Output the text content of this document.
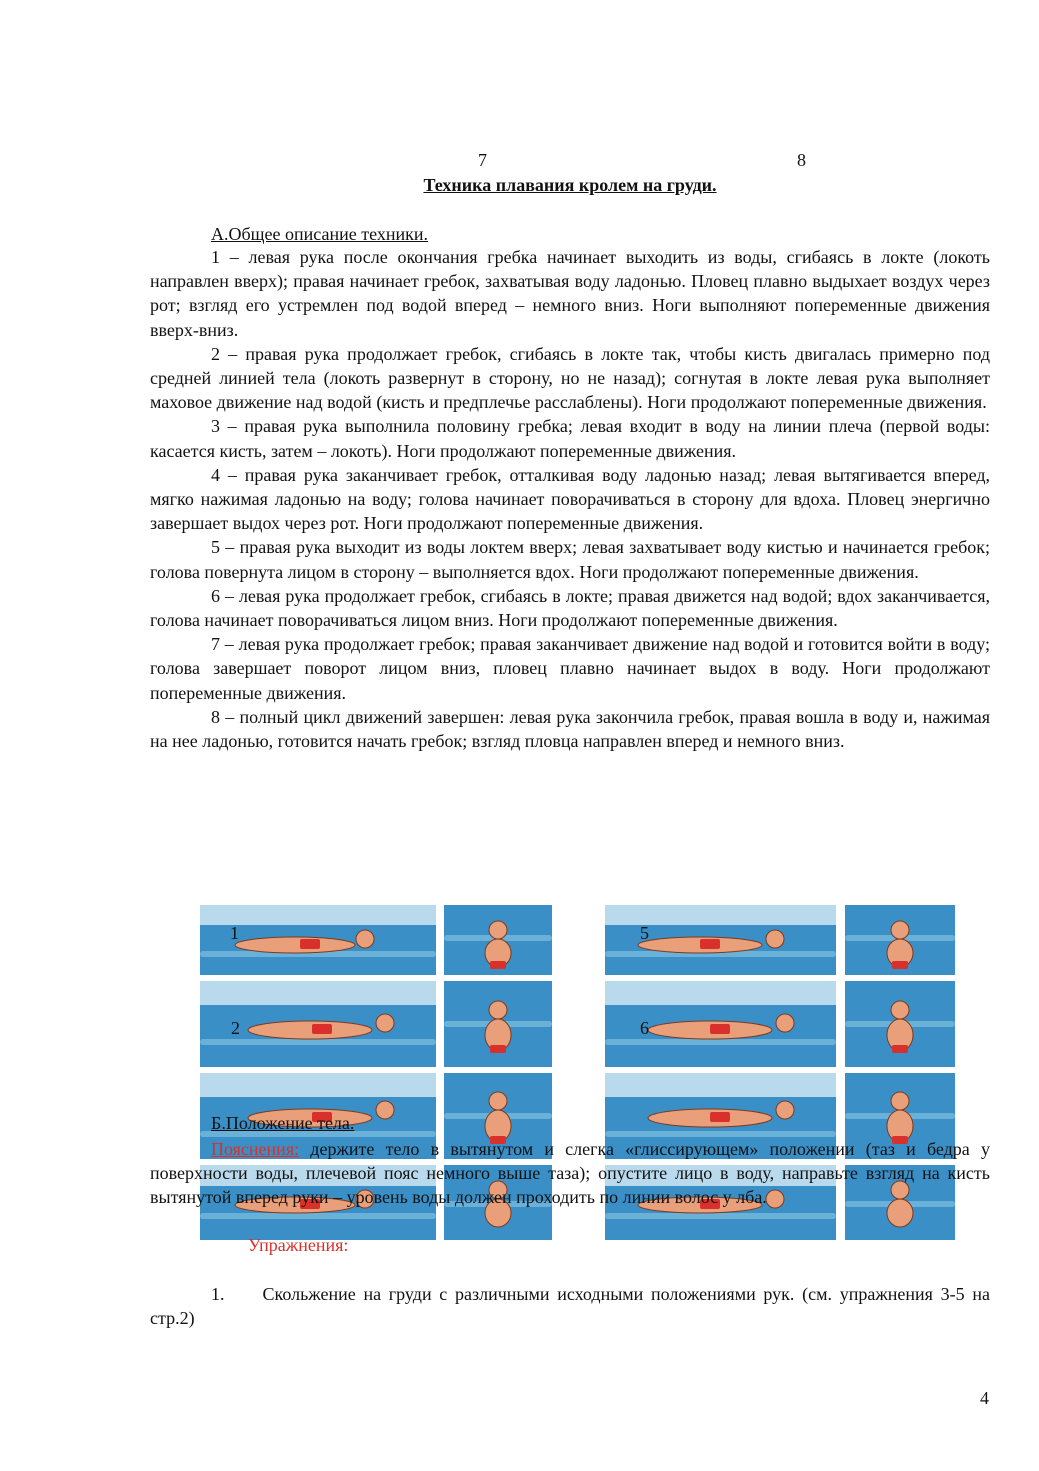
7	8
Техника плавания кролем на груди.
А.Общее описание техники.

1 – левая рука после окончания гребка начинает выходить из воды, сгибаясь в локте (локоть направлен вверх); правая начинает гребок, захватывая воду ладонью. Пловец плавно выдыхает воздух через рот; взгляд его устремлен под водой вперед – немного вниз. Ноги выполняют попеременные движения вверх-вниз.

2 – правая рука продолжает гребок, сгибаясь в локте так, чтобы кисть двигалась примерно под средней линией тела (локоть развернут в сторону, но не назад); согнутая в локте левая рука выполняет маховое движение над водой (кисть и предплечье расслаблены). Ноги продолжают попеременные движения.

3 – правая рука выполнила половину гребка; левая входит в воду на линии плеча (первой воды: касается кисть, затем – локоть). Ноги продолжают попеременные движения.

4 – правая рука заканчивает гребок, отталкивая воду ладонью назад; левая вытягивается вперед, мягко нажимая ладонью на воду; голова начинает поворачиваться в сторону для вдоха. Пловец энергично завершает выдох через рот. Ноги продолжают попеременные движения.

5 – правая рука выходит из воды локтем вверх; левая захватывает воду кистью и начинается гребок; голова повернута лицом в сторону – выполняется вдох. Ноги продолжают попеременные движения.

6 – левая рука продолжает гребок, сгибаясь в локте; правая движется над водой; вдох заканчивается, голова начинает поворачиваться лицом вниз. Ноги продолжают попеременные движения.

7 – левая рука продолжает гребок; правая заканчивает движение над водой и готовится войти в воду; голова завершает поворот лицом вниз, пловец плавно начинает выдох в воду. Ноги продолжают попеременные движения.

8 – полный цикл движений завершен: левая рука закончила гребок, правая вошла в воду и, нажимая на нее ладонью, готовится начать гребок; взгляд пловца направлен вперед и немного вниз.

1
2
5
6
Б.Положение тела.
Пояснения: держите тело в вытянутом и слегка «глиссирующем» положении (таз и бедра у поверхности воды, плечевой пояс немного выше таза); опустите лицо в воду, направьте взгляд на кисть вытянутой вперед руки – уровень воды должен проходить по линии волос у лба.
Упражнения:
1. Скольжение на груди с различными исходными положениями рук. (см. упражнения 3-5 на стр.2)
4
